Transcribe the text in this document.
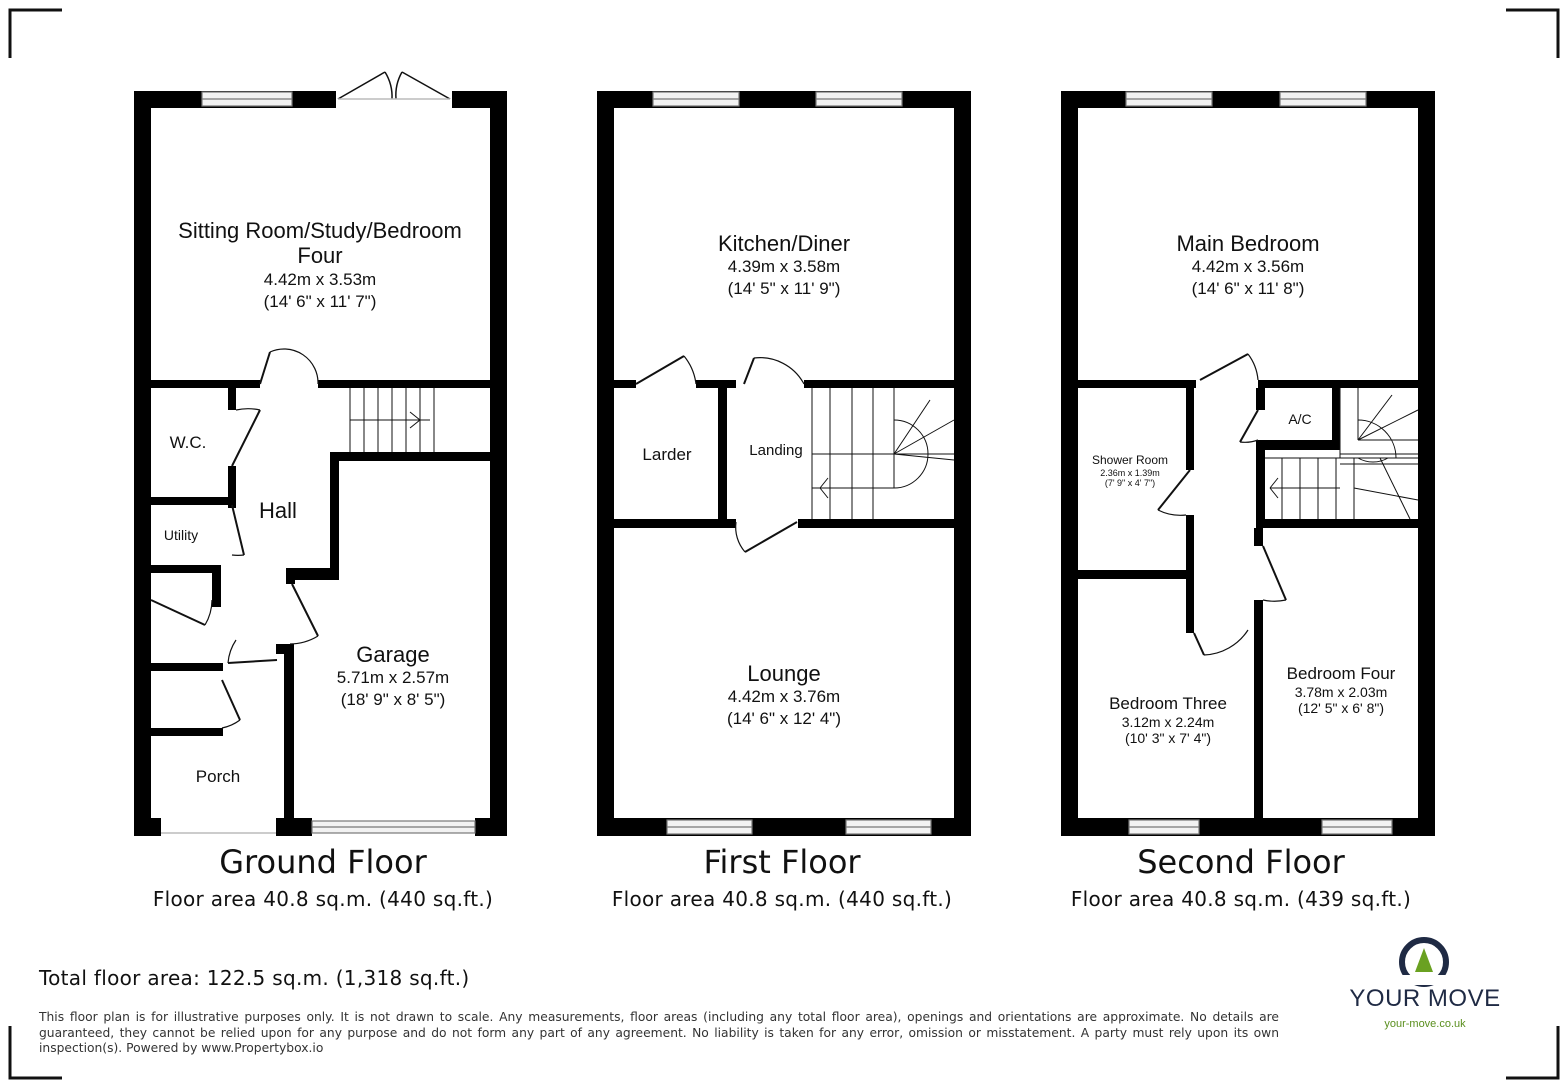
Sitting Room/Study/Bedroom
Four
4.42m x 3.53m
(14' 6" x 11' 7")
W.C.
Hall
Utility
Garage
5.71m x 2.57m
(18' 9" x 8' 5")
Porch
Kitchen/Diner
4.39m x 3.58m
(14' 5" x 11' 9")
Larder	Landing
Lounge
4.42m x 3.76m
(14' 6" x 12' 4")
Main Bedroom
4.42m x 3.56m
(14' 6" x 11' 8")
Shower Room
2.36m x 1.39m
(7' 9" x 4' 7")
A/C
Bedroom Three
3.12m x 2.24m
(10' 3" x 7' 4")
Bedroom Four
3.78m x 2.03m
(12' 5" x 6' 8")
Ground Floor
Floor area 40.8 sq.m. (440 sq.ft.)
First Floor
Floor area 40.8 sq.m. (440 sq.ft.)
Second Floor
Floor area 40.8 sq.m. (439 sq.ft.)
Total floor area: 122.5 sq.m. (1,318 sq.ft.)
This floor plan is for illustrative purposes only. It is not drawn to scale. Any measurements, floor areas (including any total floor area), openings and orientations are approximate. No details are guaranteed, they cannot be relied upon for any purpose and do not form any part of any agreement. No liability is taken for any error, omission or misstatement. A party must rely upon its own inspection(s). Powered by www.Propertybox.io
YOUR MOVE
your-move.co.uk
